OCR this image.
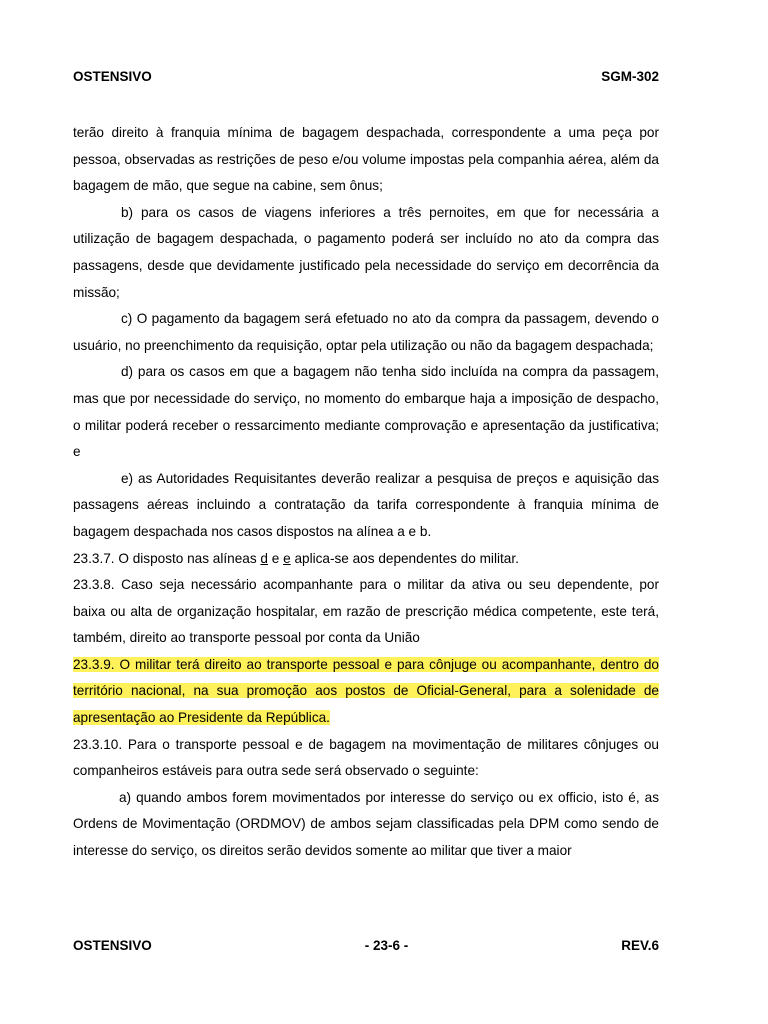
OSTENSIVO	SGM-302

terão direito à franquia mínima de bagagem despachada, correspondente a uma peça por pessoa, observadas as restrições de peso e/ou volume impostas pela companhia aérea, além da bagagem de mão, que segue na cabine, sem ônus;

b) para os casos de viagens inferiores a três pernoites, em que for necessária a utilização de bagagem despachada, o pagamento poderá ser incluído no ato da compra das passagens, desde que devidamente justificado pela necessidade do serviço em decorrência da missão;

c) O pagamento da bagagem será efetuado no ato da compra da passagem, devendo o usuário, no preenchimento da requisição, optar pela utilização ou não da bagagem despachada;

d) para os casos em que a bagagem não tenha sido incluída na compra da passagem, mas que por necessidade do serviço, no momento do embarque haja a imposição de despacho, o militar poderá receber o ressarcimento mediante comprovação e apresentação da justificativa; e

e) as Autoridades Requisitantes deverão realizar a pesquisa de preços e aquisição das passagens aéreas incluindo a contratação da tarifa correspondente à franquia mínima de bagagem despachada nos casos dispostos na alínea a e b.

23.3.7. O disposto nas alíneas d e e aplica-se aos dependentes do militar.

23.3.8. Caso seja necessário acompanhante para o militar da ativa ou seu dependente, por baixa ou alta de organização hospitalar, em razão de prescrição médica competente, este terá, também, direito ao transporte pessoal por conta da União

23.3.9. O militar terá direito ao transporte pessoal e para cônjuge ou acompanhante, dentro do território nacional, na sua promoção aos postos de Oficial-General, para a solenidade de apresentação ao Presidente da República.

23.3.10. Para o transporte pessoal e de bagagem na movimentação de militares cônjuges ou companheiros estáveis para outra sede será observado o seguinte:

a) quando ambos forem movimentados por interesse do serviço ou ex officio, isto é, as Ordens de Movimentação (ORDMOV) de ambos sejam classificadas pela DPM como sendo de interesse do serviço, os direitos serão devidos somente ao militar que tiver a maior

OSTENSIVO	- 23-6 -	REV.6
